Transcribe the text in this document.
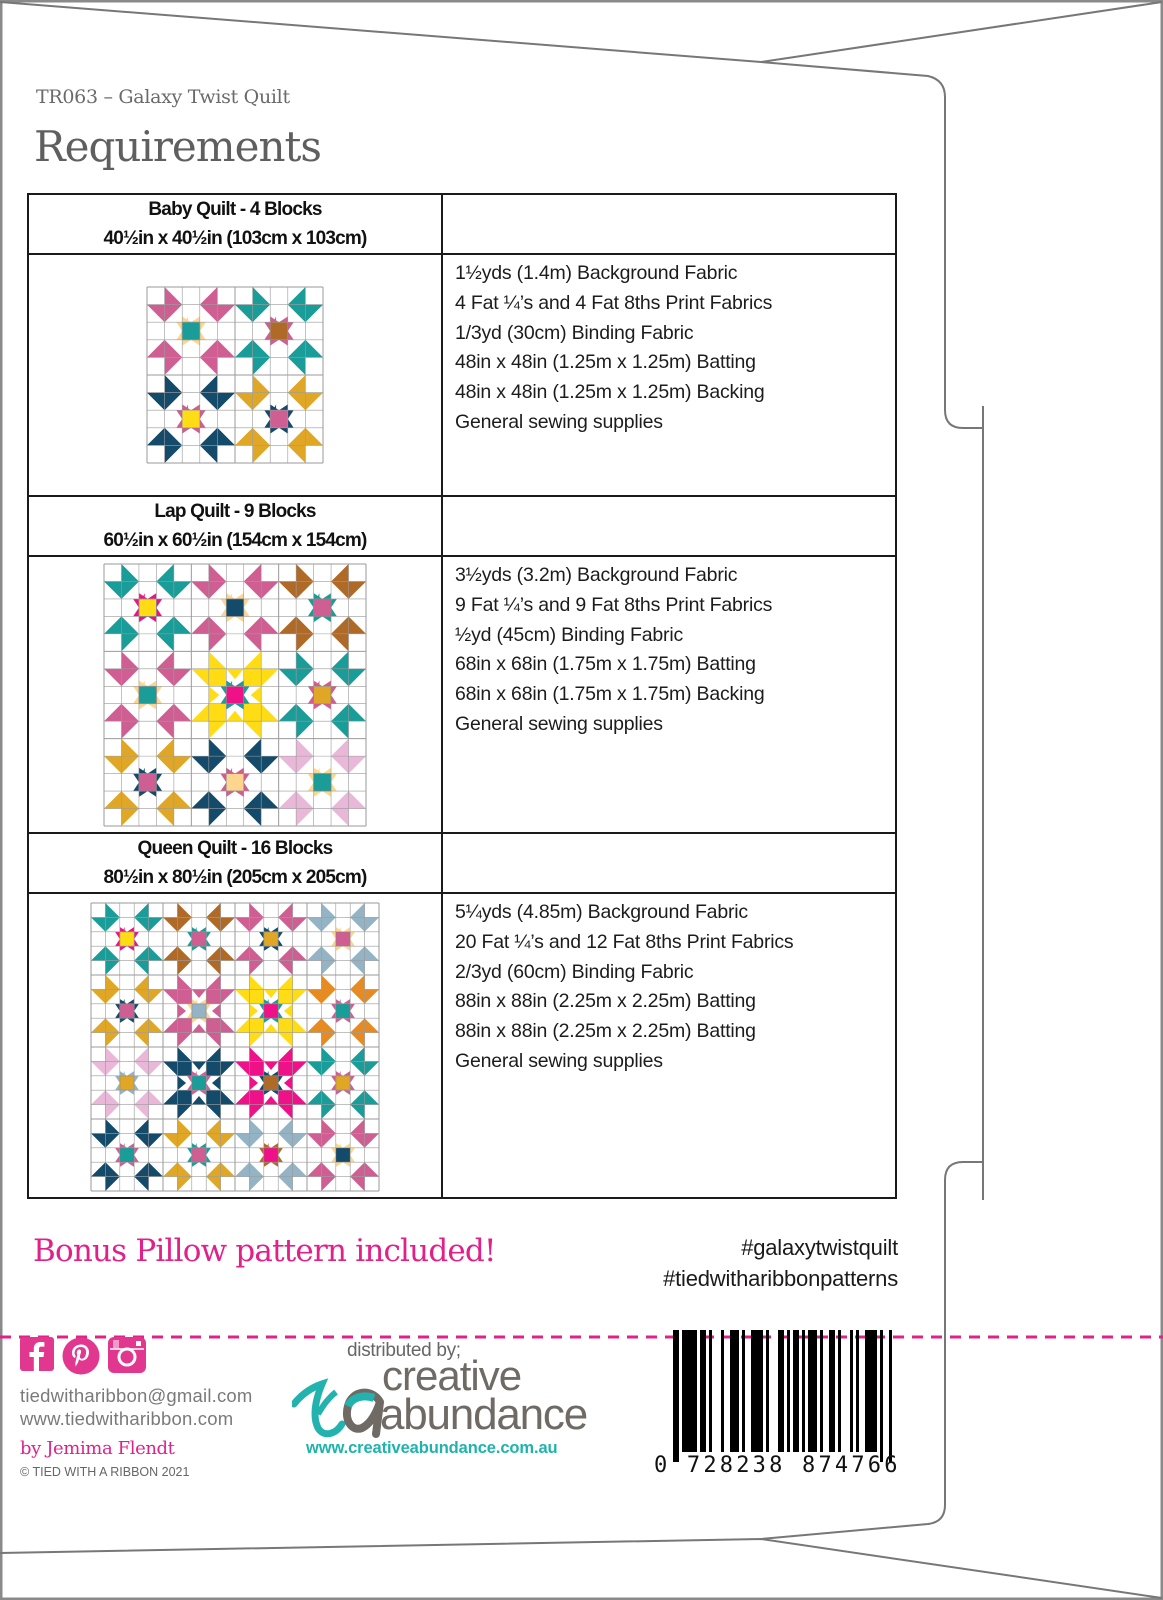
TR063 – Galaxy Twist Quilt
Requirements
Baby Quilt - 4 Blocks
40½in x 40½in (103cm x 103cm)	

1½yds (1.4m) Background Fabric
4 Fat ¼’s and 4 Fat 8ths Print Fabrics
1/3yd (30cm) Binding Fabric
48in x 48in (1.25m x 1.25m) Batting
48in x 48in (1.25m x 1.25m) Backing
General sewing supplies

Lap Quilt - 9 Blocks
60½in x 60½in (154cm x 154cm)	

3½yds (3.2m) Background Fabric
9 Fat ¼’s and 9 Fat 8ths Print Fabrics
½yd (45cm) Binding Fabric
68in x 68in (1.75m x 1.75m) Batting
68in x 68in (1.75m x 1.75m) Backing
General sewing supplies

Queen Quilt - 16 Blocks
80½in x 80½in (205cm x 205cm)	

5¼yds (4.85m) Background Fabric
20 Fat ¼’s and 12 Fat 8ths Print Fabrics
2/3yd (60cm) Binding Fabric
88in x 88in (2.25m x 2.25m) Batting
88in x 88in (2.25m x 2.25m) Batting
General sewing supplies
Bonus Pillow pattern included!	#galaxytwistquilt
#tiedwitharibbonpatterns
tiedwitharibbon@gmail.com
www.tiedwitharibbon.com
by Jemima Flendt
© TIED WITH A RIBBON 2021
distributed by;
creative
abundance
www.creativeabundance.com.au
0 728238 874766
